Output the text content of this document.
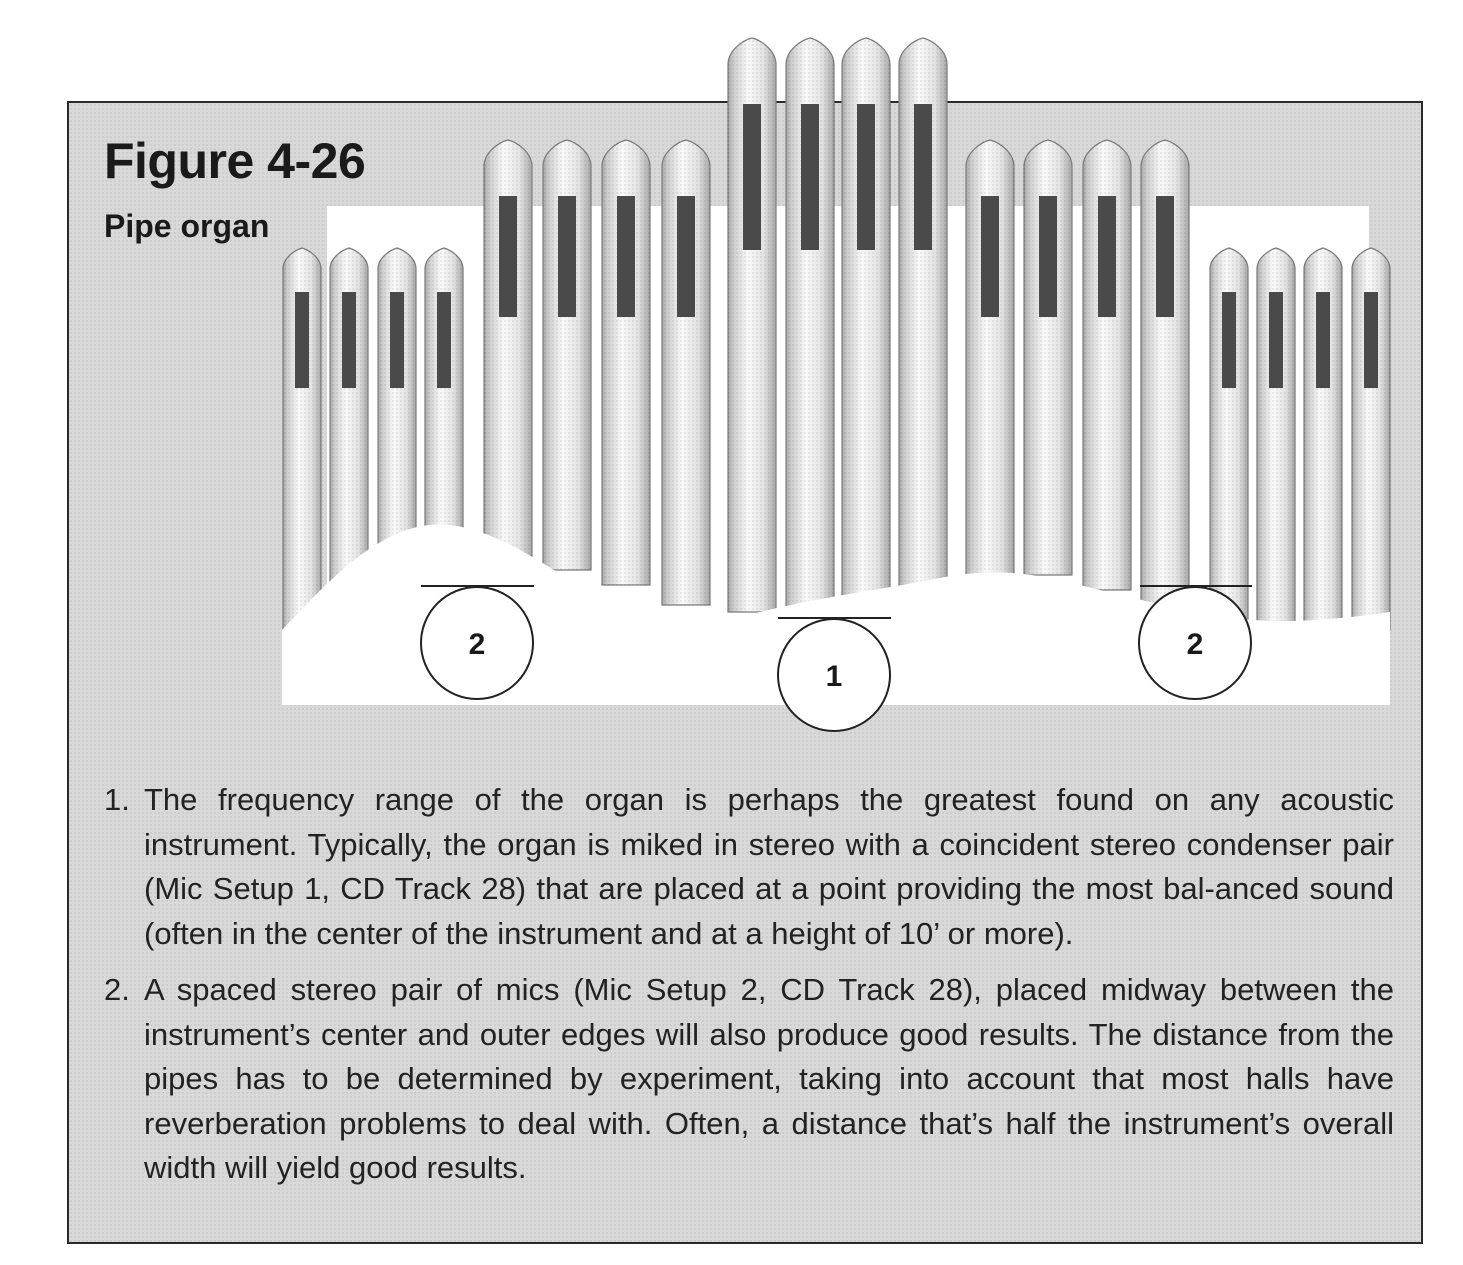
2
1
2
Figure 4-26
Pipe organ
1. The frequency range of the organ is perhaps the greatest found on any acoustic instrument. Typically, the organ is miked in stereo with a coincident stereo condenser pair (Mic Setup 1, CD Track 28) that are placed at a point providing the most bal-anced sound (often in the center of the instrument and at a height of 10’ or more).
2. A spaced stereo pair of mics (Mic Setup 2, CD Track 28), placed midway between the instrument’s center and outer edges will also produce good results. The distance from the pipes has to be determined by experiment, taking into account that most halls have reverberation problems to deal with. Often, a distance that’s half the instrument’s overall width will yield good results.
